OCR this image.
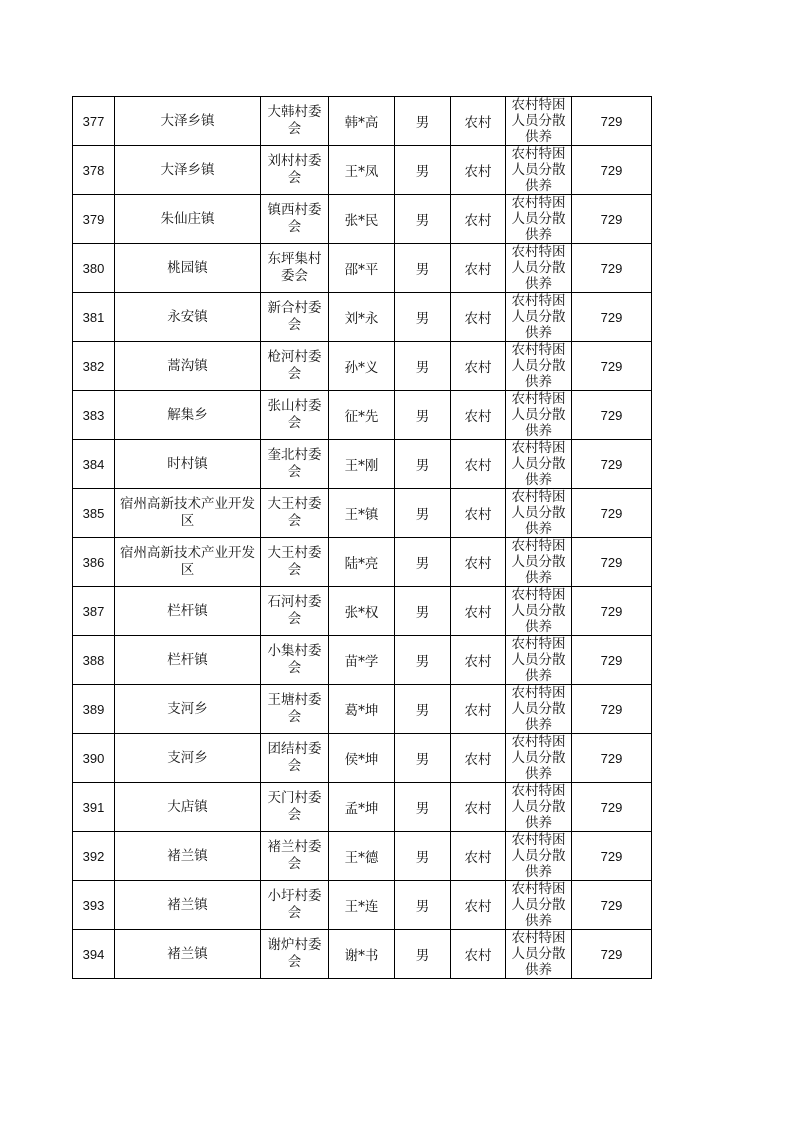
377	大泽乡镇	大韩村委会	韩*高	男	农村	农村特困人员分散供养	729
378	大泽乡镇	刘村村委会	王*凤	男	农村	农村特困人员分散供养	729
379	朱仙庄镇	镇西村委会	张*民	男	农村	农村特困人员分散供养	729
380	桃园镇	东坪集村委会	邵*平	男	农村	农村特困人员分散供养	729
381	永安镇	新合村委会	刘*永	男	农村	农村特困人员分散供养	729
382	蒿沟镇	枪河村委会	孙*义	男	农村	农村特困人员分散供养	729
383	解集乡	张山村委会	征*先	男	农村	农村特困人员分散供养	729
384	时村镇	奎北村委会	王*刚	男	农村	农村特困人员分散供养	729
385	宿州高新技术产业开发区	大王村委会	王*镇	男	农村	农村特困人员分散供养	729
386	宿州高新技术产业开发区	大王村委会	陆*亮	男	农村	农村特困人员分散供养	729
387	栏杆镇	石河村委会	张*权	男	农村	农村特困人员分散供养	729
388	栏杆镇	小集村委会	苗*学	男	农村	农村特困人员分散供养	729
389	支河乡	王塘村委会	葛*坤	男	农村	农村特困人员分散供养	729
390	支河乡	团结村委会	侯*坤	男	农村	农村特困人员分散供养	729
391	大店镇	天门村委会	孟*坤	男	农村	农村特困人员分散供养	729
392	褚兰镇	褚兰村委会	王*德	男	农村	农村特困人员分散供养	729
393	褚兰镇	小圩村委会	王*连	男	农村	农村特困人员分散供养	729
394	褚兰镇	谢炉村委会	谢*书	男	农村	农村特困人员分散供养	729
